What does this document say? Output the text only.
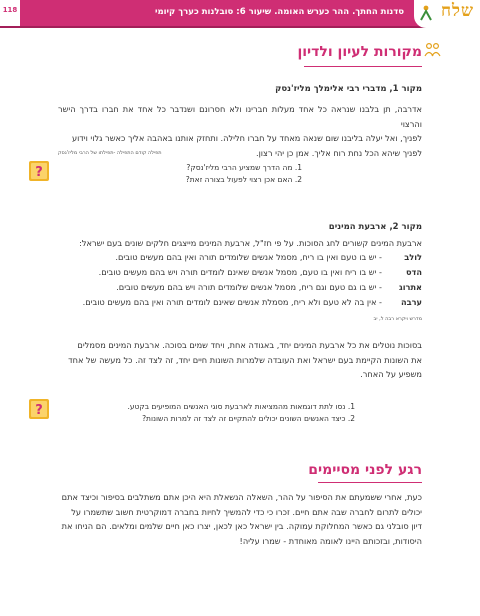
118	סדנות החתך. ההר כערש האומה. שיעור 6: סובלנות כערך קיומי שלח
מקורות לעיון ולדיון
מקור 1, מדברי רבי אלימלך מליז'נסק
אדרבה, תן בלבנו שנראה כל אחד מעלות חברינו ולא חסרונם ושנדבר כל אחד את חברו בדרך הישר והרצוי
לפניך, ואל יעלה בליבנו שום שנאה מאחד על חברו חלילה. ותחזק אותנו באהבה אליך כאשר גלוי וידוע
לפניך שיהא הכל נחת רוח אליך. אמן כן יהי רצון.
תפילה קודם התפילה -תפילתו של הרבי מליז'נסק
?	1. מה הדרך שמציע הרבי מליז'נסק?
2. האם אכן רצוי לפעול בצורה זאת?
מקור 2, ארבעת המינים
ארבעת המינים קשורים לחג הסוכות. על פי חז"ל, ארבעת המינים מייצגים חלקים שונים בעם ישראל:
לולב
- יש בו טעם ואין בו ריח, מסמל אנשים שלומדים תורה ואין בהם מעשים טובים.
הדס
- יש בו ריח ואין בו טעם, מסמל אנשים שאינם לומדים תורה ויש בהם מעשים טובים.
אתרוג
- יש בו גם טעם וגם ריח, מסמל אנשים שלומדים תורה ויש בהם מעשים טובים.
ערבה
- אין בה לא טעם ולא ריח, מסמלת אנשים שאינם לומדים תורה ואין בהם מעשים טובים.
מדרש ויקרא רבה ל, יב
בסוכות נוטלים את כל ארבעת המינים יחד, באגודה אחת, ויחד שמים בסוכה. ארבעת המינים מסמלים
את השונות הקיימת בעם ישראל ואת העובדה שלמרות השונות חיים יחד, זה לצד זה. כל מעשה של אחד
משפיע על האחר.
?	1. נסו לתת דוגמאות מהמציאות לארבעת סוגי האנשים המופיעים בקטע.
2. כיצד האנשים השונים יכולים להתקיים זה לצד זה למרות השונות?
רגע לפני מסיימים
כעת, אחרי ששמעתם את הסיפור על ההר, השאלה הנשאלת היא היכן אתם משתלבים בסיפור וכיצד אתם
יכולים לתרום לחברה שבה אתם חיים. זכרו כי כדי להמשיך לחיות בחברה דמוקרטית חשוב שתשמרו על
דיון סובלני גם כאשר המחלוקת עמוקה. בין ישראל כאן לכאן, יצרו כאן חיים שלמים ומלאים. הם הניחו את
היסודות, ובזכותם היינו לאומה מאוחדת - שמרו עליה!
